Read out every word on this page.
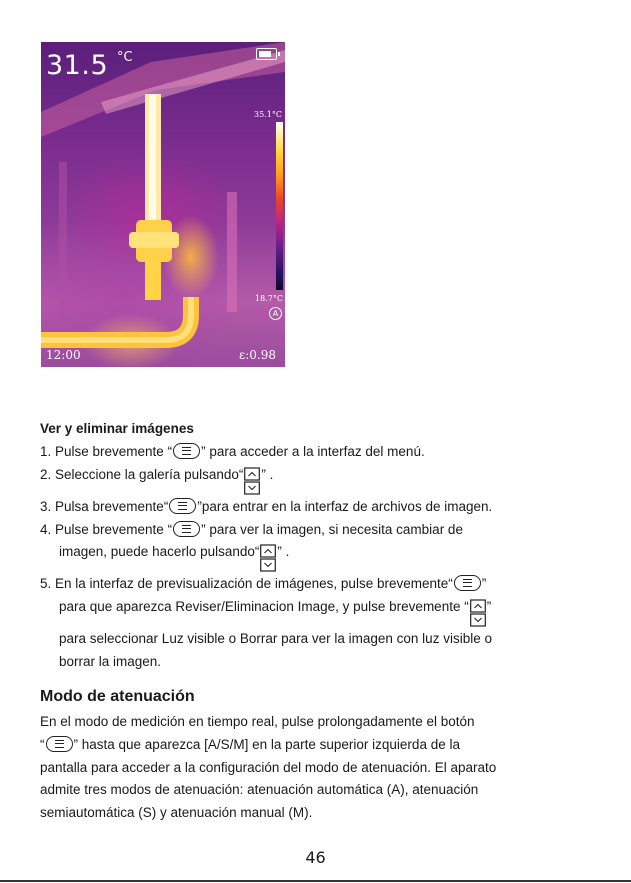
31.5 °C
35.1°C
18.7°C
A
12:00	ε:0.98
Ver y eliminar imágenes
1. Pulse brevemente “ ” para acceder a la interfaz del menú.
2. Seleccione la galería pulsando“ ” .
3. Pulsa brevemente“ ”para entrar en la interfaz de archivos de imagen.
4. Pulse brevemente “ ” para ver la imagen, si necesita cambiar de
imagen, puede hacerlo pulsando“ ” .
5. En la interfaz de previsualización de imágenes, pulse brevemente“ ”
para que aparezca Reviser/Eliminacion Image, y pulse brevemente “ ”
para seleccionar Luz visible o Borrar para ver la imagen con luz visible o
borrar la imagen.
Modo de atenuación
En el modo de medición en tiempo real, pulse prolongadamente el botón
“ ” hasta que aparezca [A/S/M] en la parte superior izquierda de la
pantalla para acceder a la configuración del modo de atenuación. El aparato
admite tres modos de atenuación: atenuación automática (A), atenuación
semiautomática (S) y atenuación manual (M).
46
